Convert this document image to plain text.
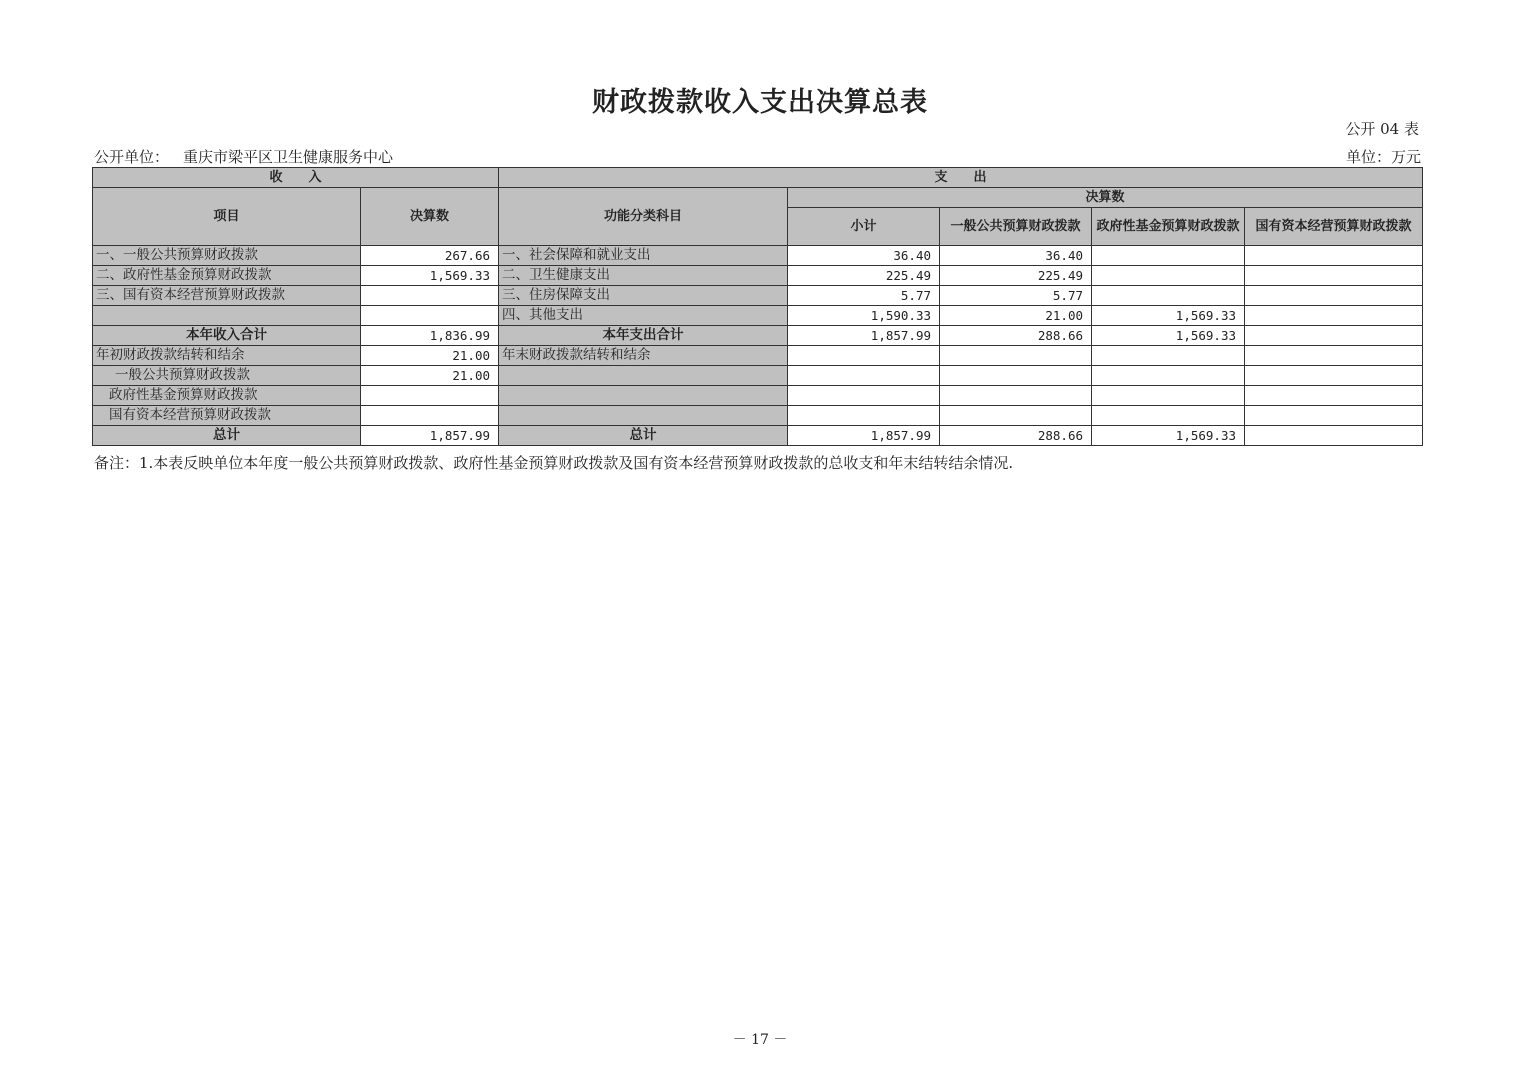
财政拨款收入支出决算总表
公开 04 表
公开单位： 重庆市梁平区卫生健康服务中心	单位：万元
收　　入		支　　出				
项目	决算数	功能分类科目	决算数			
			小计	一般公共预算财政拨款	政府性基金预算财政拨款	国有资本经营预算财政拨款
一、一般公共预算财政拨款	267.66	一、社会保障和就业支出	36.40	36.40		
二、政府性基金预算财政拨款	1,569.33	二、卫生健康支出	225.49	225.49		
三、国有资本经营预算财政拨款		三、住房保障支出	5.77	5.77		
		四、其他支出	1,590.33	21.00	1,569.33	
本年收入合计	1,836.99	本年支出合计	1,857.99	288.66	1,569.33	
年初财政拨款结转和结余	21.00	年末财政拨款结转和结余				
一般公共预算财政拨款	21.00					
政府性基金预算财政拨款						
国有资本经营预算财政拨款						
总计	1,857.99	总计	1,857.99	288.66	1,569.33	
备注：1.本表反映单位本年度一般公共预算财政拨款、政府性基金预算财政拨款及国有资本经营预算财政拨款的总收支和年末结转结余情况.
－ 17 －
